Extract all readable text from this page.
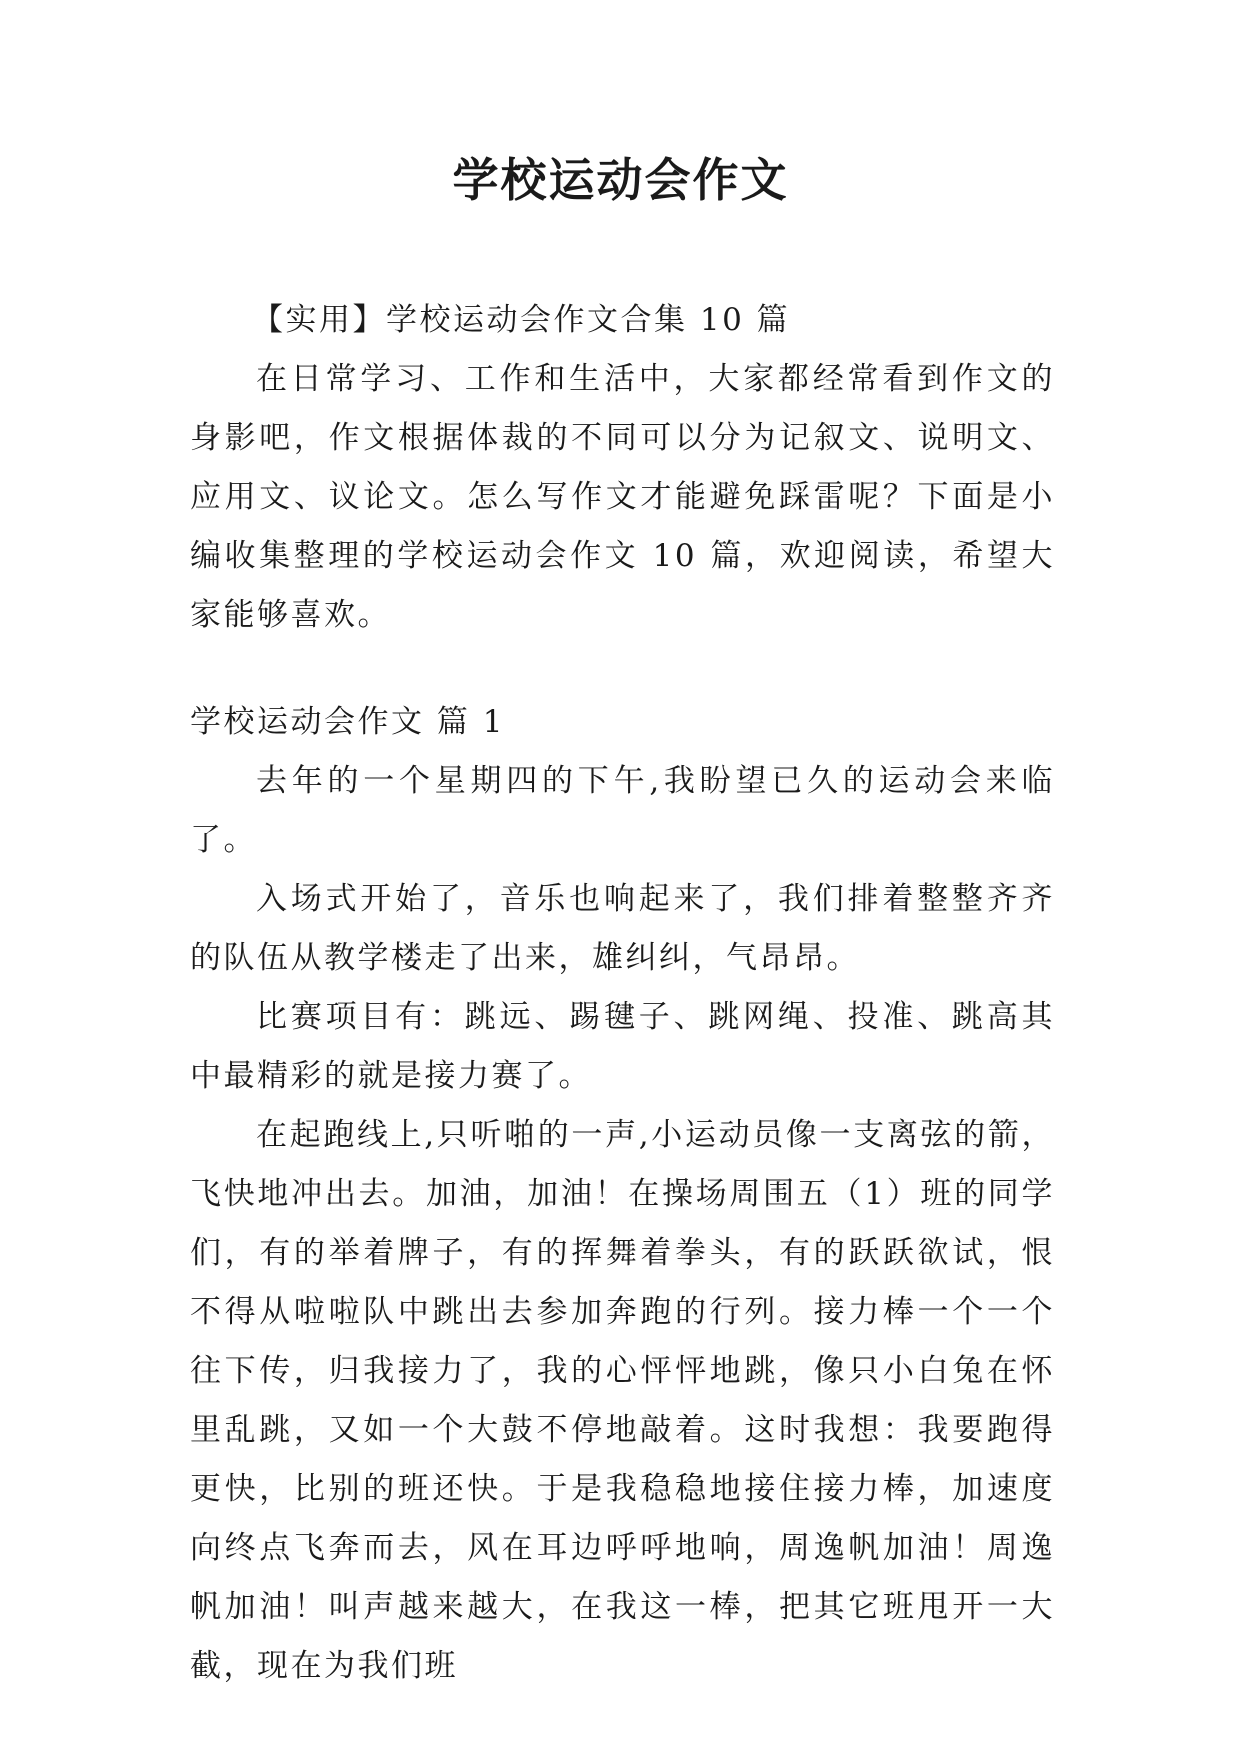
学校运动会作文
【实用】学校运动会作文合集 10 篇
在日常学习、工作和生活中，大家都经常看到作文的身影吧，作文根据体裁的不同可以分为记叙文、说明文、应用文、议论文。怎么写作文才能避免踩雷呢？下面是小编收集整理的学校运动会作文 10 篇，欢迎阅读，希望大家能够喜欢。
学校运动会作文 篇 1

去年的一个星期四的下午,我盼望已久的运动会来临了。

入场式开始了，音乐也响起来了，我们排着整整齐齐的队伍从教学楼走了出来，雄纠纠，气昂昂。

比赛项目有：跳远、踢毽子、跳网绳、投准、跳高其中最精彩的就是接力赛了。

在起跑线上,只听啪的一声,小运动员像一支离弦的箭，飞快地冲出去。加油，加油！在操场周围五（1）班的同学们，有的举着牌子，有的挥舞着拳头，有的跃跃欲试，恨不得从啦啦队中跳出去参加奔跑的行列。接力棒一个一个往下传，归我接力了，我的心怦怦地跳，像只小白兔在怀里乱跳，又如一个大鼓不停地敲着。这时我想：我要跑得更快，比别的班还快。于是我稳稳地接住接力棒，加速度向终点飞奔而去，风在耳边呼呼地响，周逸帆加油！周逸帆加油！叫声越来越大，在我这一棒，把其它班甩开一大截，现在为我们班
